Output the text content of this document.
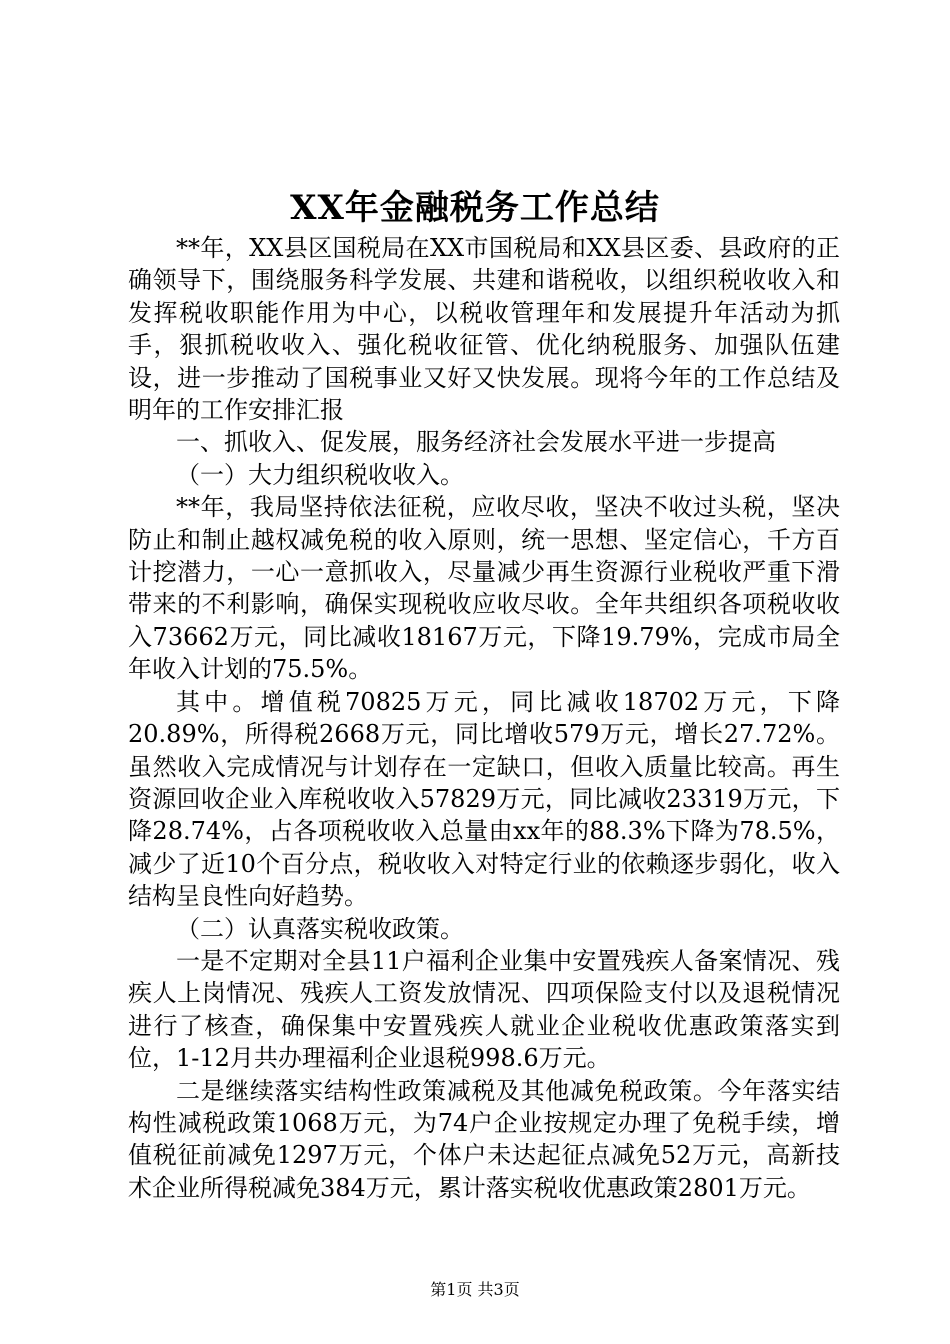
XX年金融税务工作总结

**年，XX县区国税局在XX市国税局和XX县区委、县政府的正确领导下，围绕服务科学发展、共建和谐税收，以组织税收收入和发挥税收职能作用为中心，以税收管理年和发展提升年活动为抓手，狠抓税收收入、强化税收征管、优化纳税服务、加强队伍建设，进一步推动了国税事业又好又快发展。现将今年的工作总结及明年的工作安排汇报

一、抓收入、促发展，服务经济社会发展水平进一步提高

（一）大力组织税收收入。

**年，我局坚持依法征税，应收尽收，坚决不收过头税，坚决防止和制止越权减免税的收入原则，统一思想、坚定信心，千方百计挖潜力，一心一意抓收入，尽量减少再生资源行业税收严重下滑带来的不利影响，确保实现税收应收尽收。全年共组织各项税收收入73662万元，同比减收18167万元，下降19.79%，完成市局全年收入计划的75.5%。

其中。增值税70825万元，同比减收18702万元，下降20.89%，所得税2668万元，同比增收579万元，增长27.72%。虽然收入完成情况与计划存在一定缺口，但收入质量比较高。再生资源回收企业入库税收收入57829万元，同比减收23319万元，下降28.74%，占各项税收收入总量由xx年的88.3%下降为78.5%，减少了近10个百分点，税收收入对特定行业的依赖逐步弱化，收入结构呈良性向好趋势。

（二）认真落实税收政策。

一是不定期对全县11户福利企业集中安置残疾人备案情况、残疾人上岗情况、残疾人工资发放情况、四项保险支付以及退税情况进行了核查，确保集中安置残疾人就业企业税收优惠政策落实到位，1-12月共办理福利企业退税998.6万元。

二是继续落实结构性政策减税及其他减免税政策。今年落实结构性减税政策1068万元，为74户企业按规定办理了免税手续，增值税征前减免1297万元，个体户未达起征点减免52万元，高新技术企业所得税减免384万元，累计落实税收优惠政策2801万元。

第1页 共3页
